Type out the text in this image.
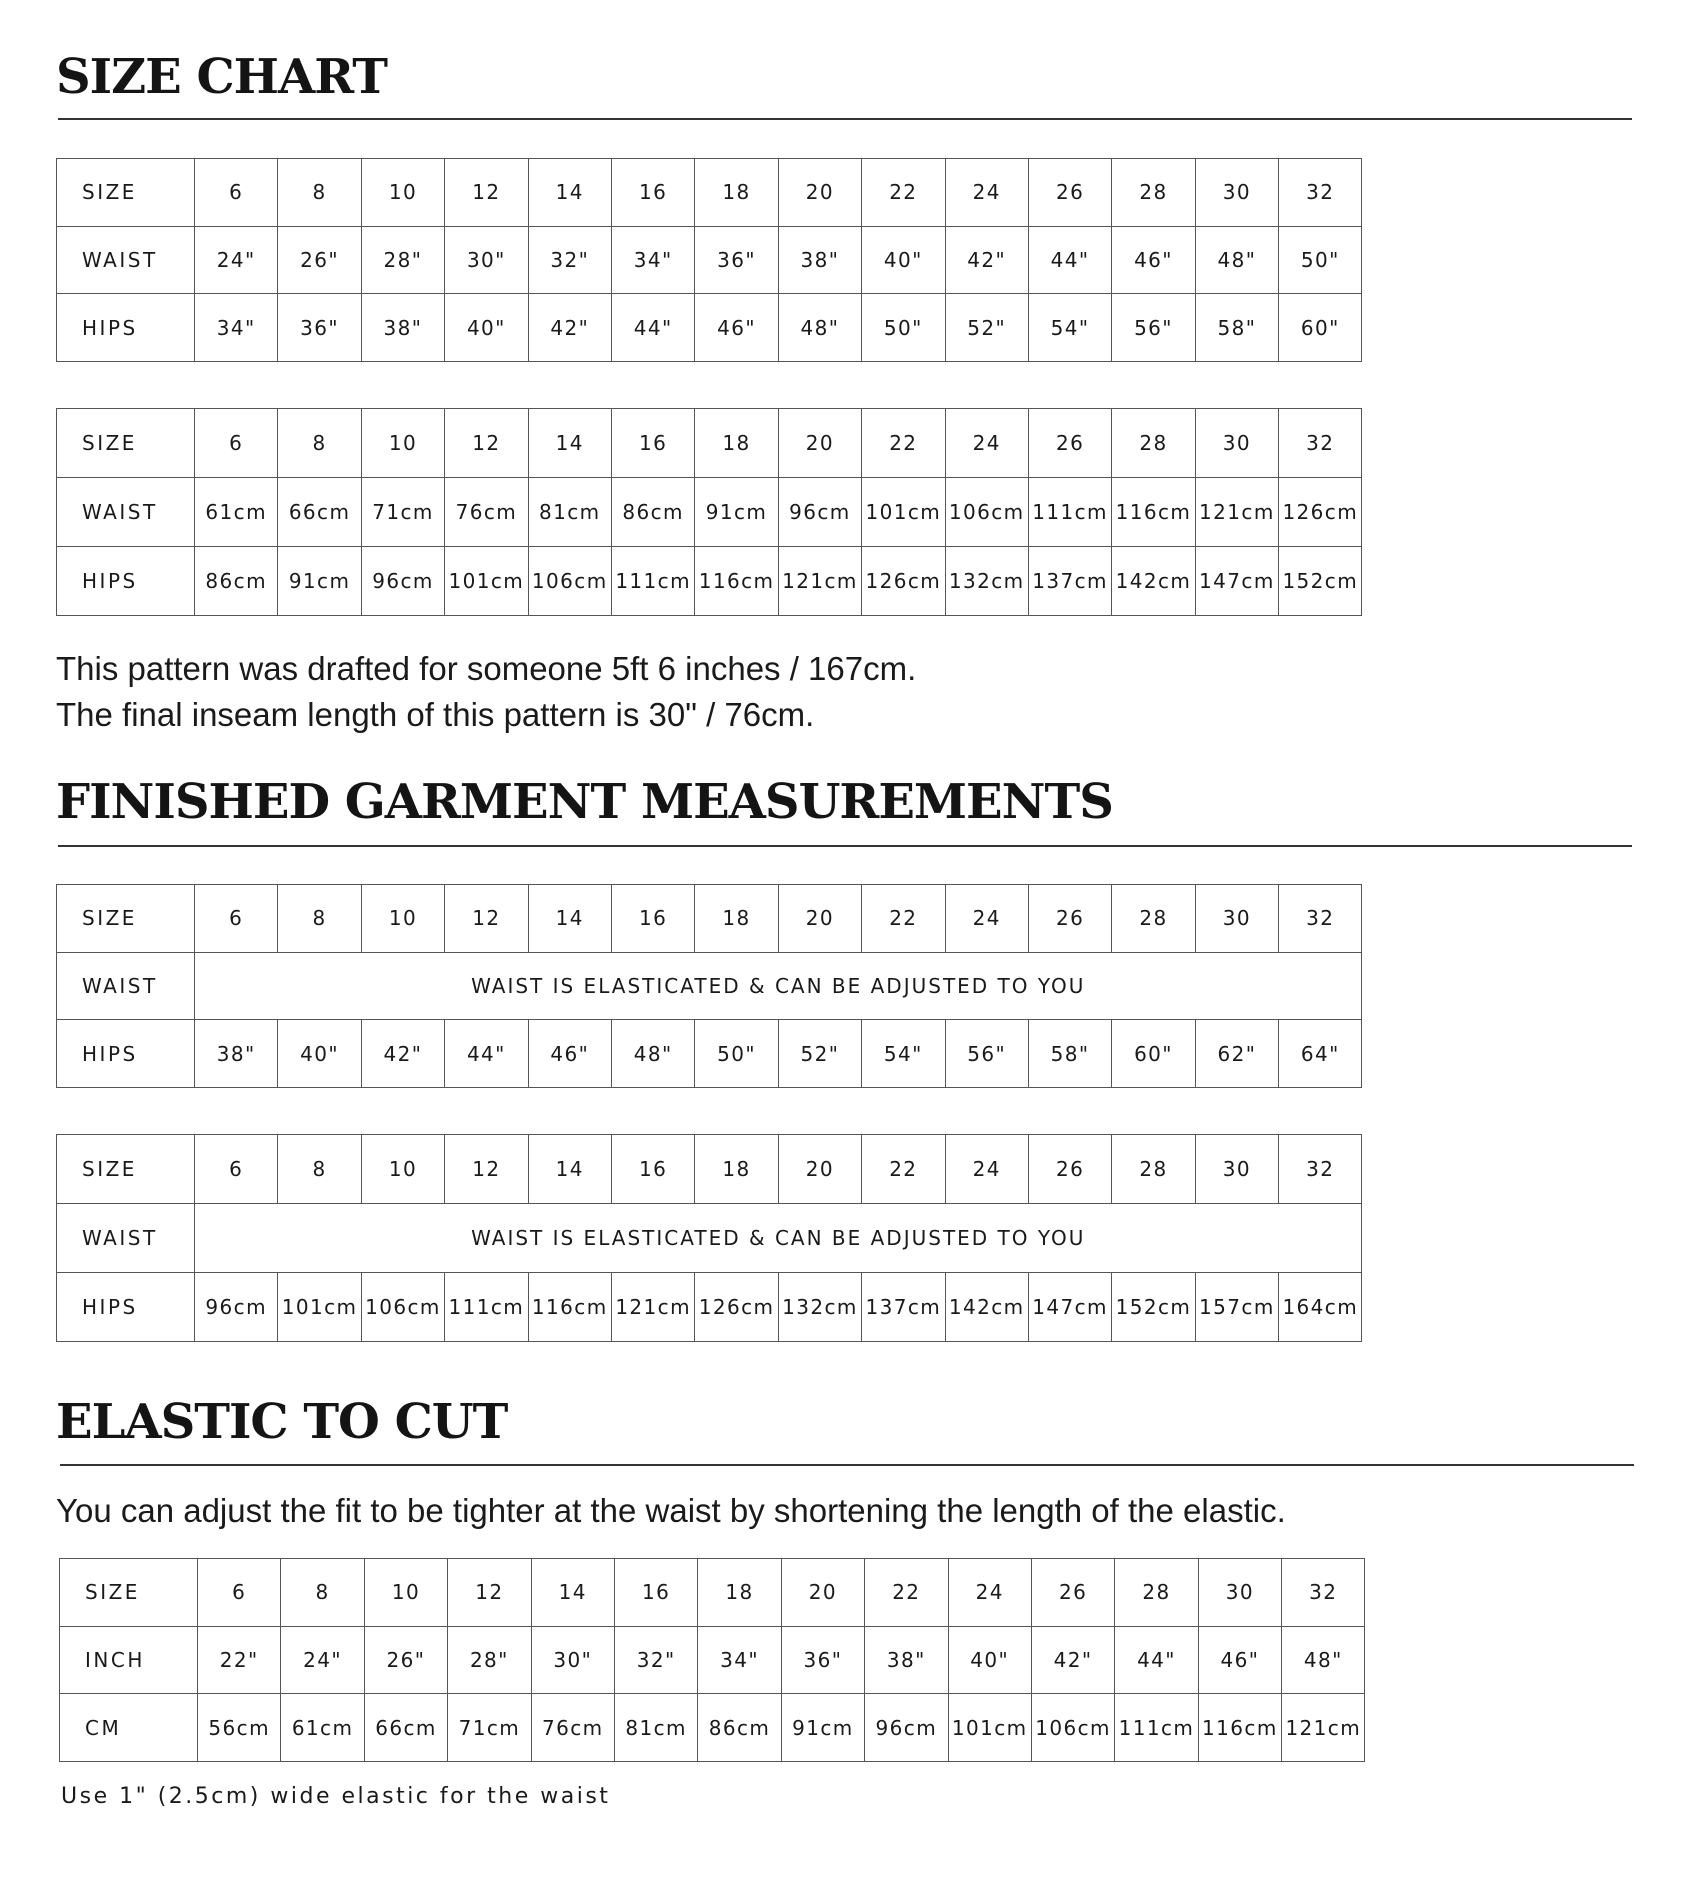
SIZE CHART
SIZE	6	8	10	12	14	16	18	20	22	24	26	28	30	32
WAIST	24"	26"	28"	30"	32"	34"	36"	38"	40"	42"	44"	46"	48"	50"
HIPS	34"	36"	38"	40"	42"	44"	46"	48"	50"	52"	54"	56"	58"	60"
SIZE	6	8	10	12	14	16	18	20	22	24	26	28	30	32
WAIST	61cm	66cm	71cm	76cm	81cm	86cm	91cm	96cm	101cm	106cm	111cm	116cm	121cm	126cm
HIPS	86cm	91cm	96cm	101cm	106cm	111cm	116cm	121cm	126cm	132cm	137cm	142cm	147cm	152cm

This pattern was drafted for someone 5ft 6 inches / 167cm.

The final inseam length of this pattern is 30" / 76cm.

FINISHED GARMENT MEASUREMENTS
SIZE	6	8	10	12	14	16	18	20	22	24	26	28	30	32
WAIST	WAIST IS ELASTICATED & CAN BE ADJUSTED TO YOU													
HIPS	38"	40"	42"	44"	46"	48"	50"	52"	54"	56"	58"	60"	62"	64"
SIZE	6	8	10	12	14	16	18	20	22	24	26	28	30	32
WAIST	WAIST IS ELASTICATED & CAN BE ADJUSTED TO YOU													
HIPS	96cm	101cm	106cm	111cm	116cm	121cm	126cm	132cm	137cm	142cm	147cm	152cm	157cm	164cm
ELASTIC TO CUT

You can adjust the fit to be tighter at the waist by shortening the length of the elastic.

SIZE	6	8	10	12	14	16	18	20	22	24	26	28	30	32
INCH	22"	24"	26"	28"	30"	32"	34"	36"	38"	40"	42"	44"	46"	48"
CM	56cm	61cm	66cm	71cm	76cm	81cm	86cm	91cm	96cm	101cm	106cm	111cm	116cm	121cm
Use 1" (2.5cm) wide elastic for the waist
